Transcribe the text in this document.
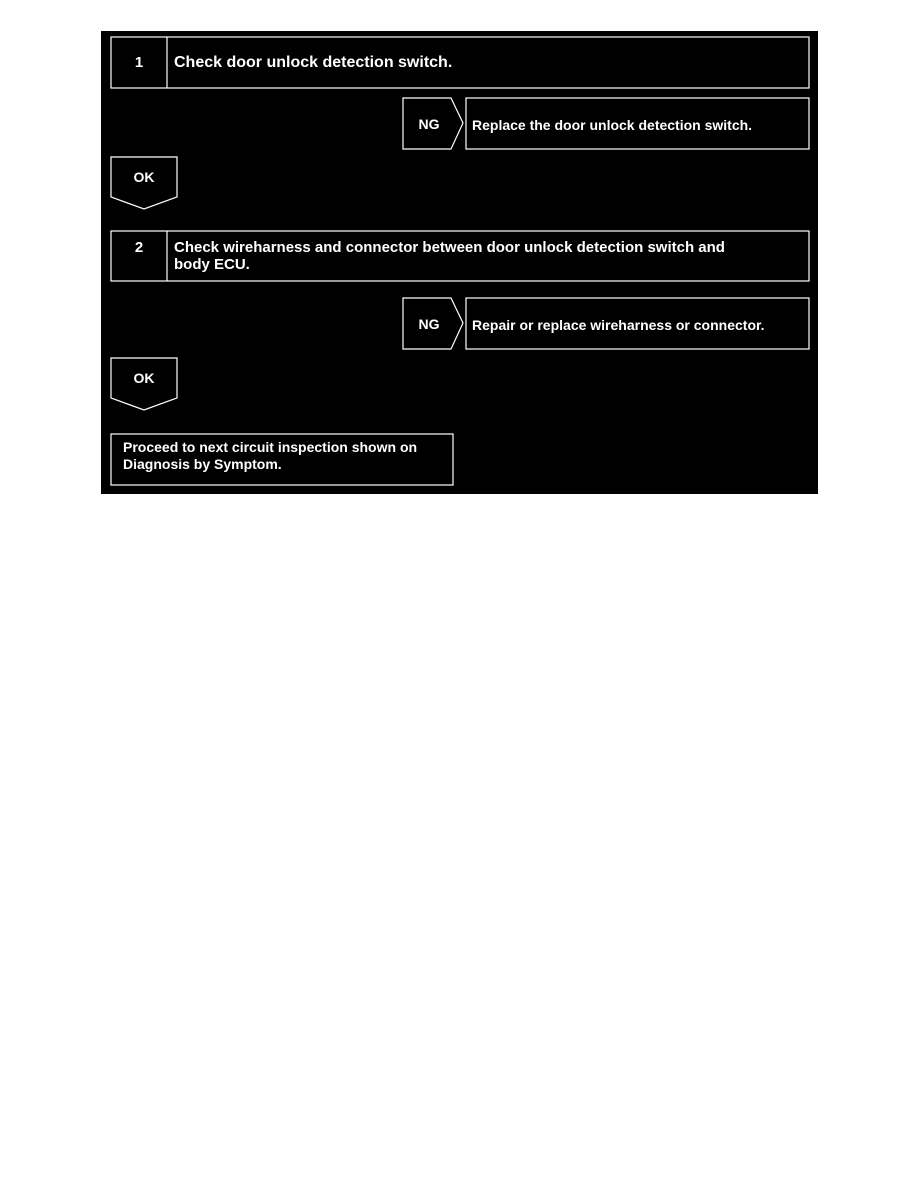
1	Check door unlock detection switch.
NG	Replace the door unlock detection switch.
OK
2	Check wireharness and connector between door unlock detection switch and
body ECU.
NG	Repair or replace wireharness or connector.
OK
Proceed to next circuit inspection shown on
Diagnosis by Symptom.
